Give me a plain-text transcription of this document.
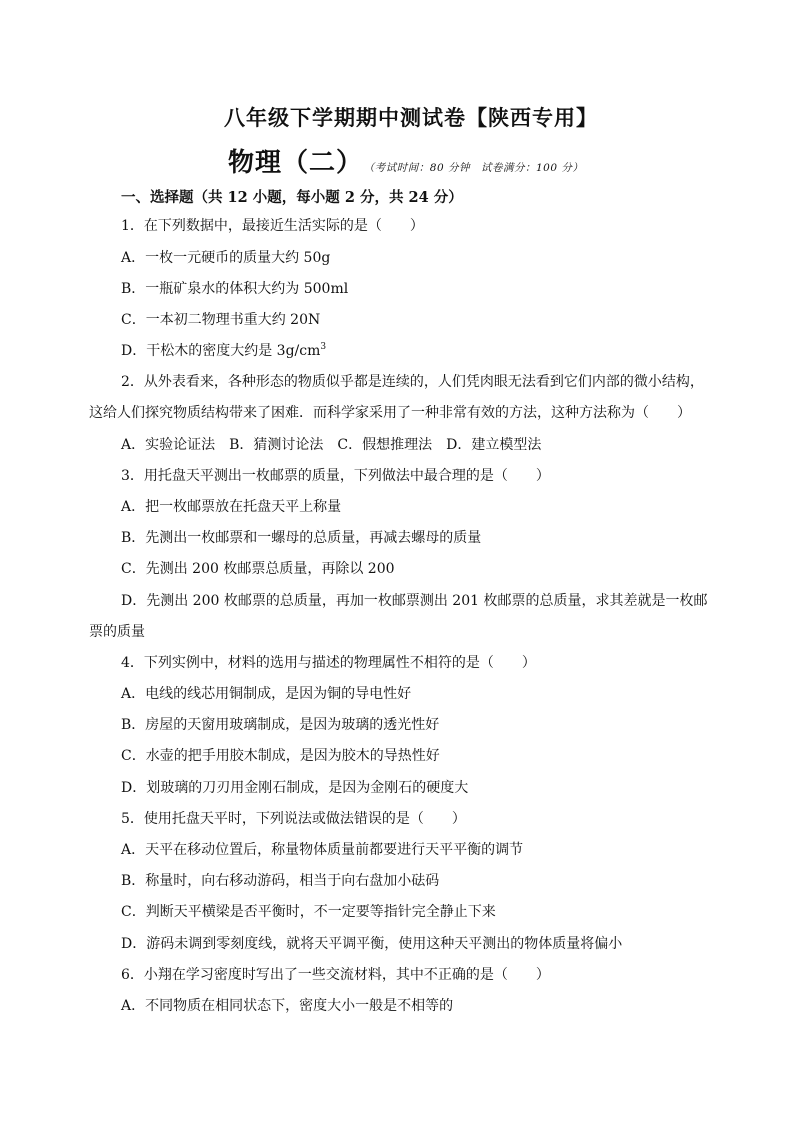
八年级下学期期中测试卷【陕西专用】
物理（二） （考试时间：80 分钟　试卷满分：100 分）
一、选择题（共 12 小题，每小题 2 分，共 24 分）
1．在下列数据中，最接近生活实际的是（　　）
A．一枚一元硬币的质量大约 50g
B．一瓶矿泉水的体积大约为 500ml
C．一本初二物理书重大约 20N
D．干松木的密度大约是 $3g/cm^3$
2．从外表看来，各种形态的物质似乎都是连续的，人们凭肉眼无法看到它们内部的微小结构，
这给人们探究物质结构带来了困难．而科学家采用了一种非常有效的方法，这种方法称为（　　）
A．实验论证法　B．猜测讨论法　C．假想推理法　D．建立模型法
3．用托盘天平测出一枚邮票的质量，下列做法中最合理的是（　　）
A．把一枚邮票放在托盘天平上称量
B．先测出一枚邮票和一螺母的总质量，再减去螺母的质量
C．先测出 200 枚邮票总质量，再除以 200
D．先测出 200 枚邮票的总质量，再加一枚邮票测出 201 枚邮票的总质量，求其差就是一枚邮
票的质量
4．下列实例中，材料的选用与描述的物理属性不相符的是（　　）
A．电线的线芯用铜制成，是因为铜的导电性好
B．房屋的天窗用玻璃制成，是因为玻璃的透光性好
C．水壶的把手用胶木制成，是因为胶木的导热性好
D．划玻璃的刀刃用金刚石制成，是因为金刚石的硬度大
5．使用托盘天平时，下列说法或做法错误的是（　　）
A．天平在移动位置后，称量物体质量前都要进行天平平衡的调节
B．称量时，向右移动游码，相当于向右盘加小砝码
C．判断天平横梁是否平衡时，不一定要等指针完全静止下来
D．游码未调到零刻度线，就将天平调平衡，使用这种天平测出的物体质量将偏小
6．小翔在学习密度时写出了一些交流材料，其中不正确的是（　　）
A．不同物质在相同状态下，密度大小一般是不相等的
